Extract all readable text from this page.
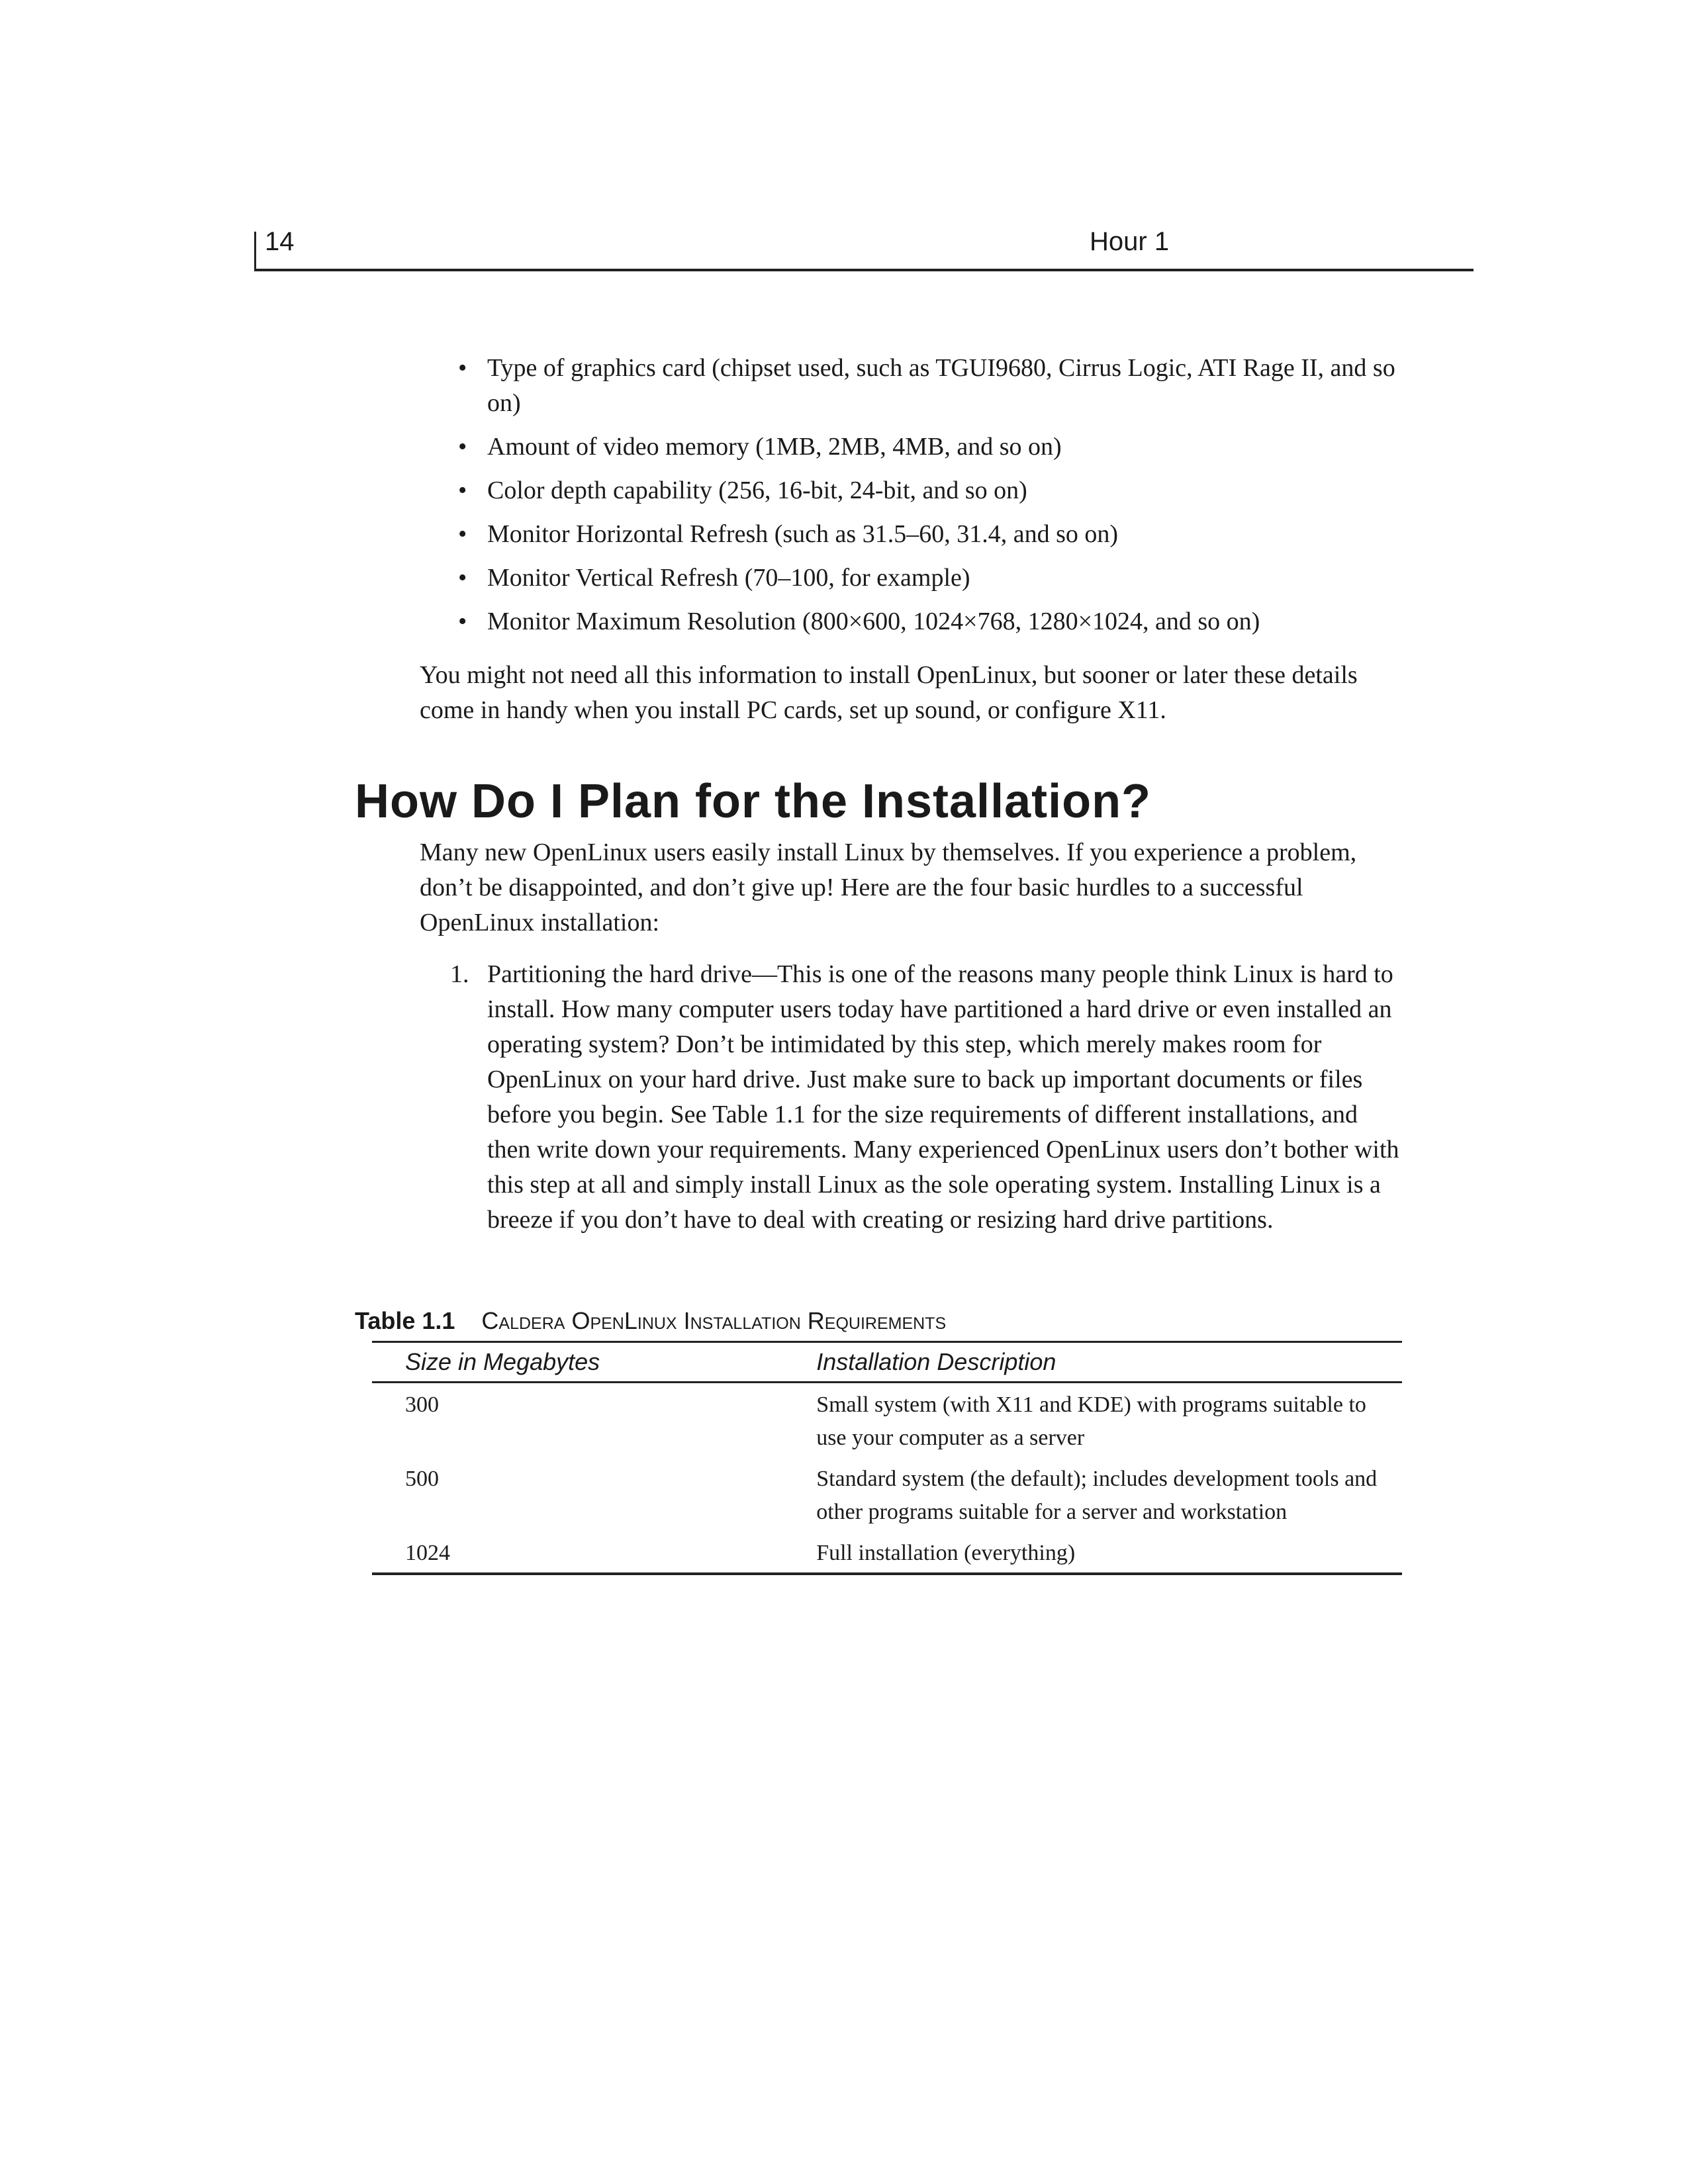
14	Hour 1
• Type of graphics card (chipset used, such as TGUI9680, Cirrus Logic, ATI Rage II, and so on)
• Amount of video memory (1MB, 2MB, 4MB, and so on)
• Color depth capability (256, 16-bit, 24-bit, and so on)
• Monitor Horizontal Refresh (such as 31.5–60, 31.4, and so on)
• Monitor Vertical Refresh (70–100, for example)
• Monitor Maximum Resolution (800×600, 1024×768, 1280×1024, and so on)

You might not need all this information to install OpenLinux, but sooner or later these details come in handy when you install PC cards, set up sound, or configure X11.

How Do I Plan for the Installation?

Many new OpenLinux users easily install Linux by themselves. If you experience a problem, don’t be disappointed, and don’t give up! Here are the four basic hurdles to a successful OpenLinux installation:

1. Partitioning the hard drive—This is one of the reasons many people think Linux is hard to install. How many computer users today have partitioned a hard drive or even installed an operating system? Don’t be intimidated by this step, which merely makes room for OpenLinux on your hard drive. Just make sure to back up important documents or files before you begin. See Table 1.1 for the size requirements of different installations, and then write down your requirements. Many experienced OpenLinux users don’t bother with this step at all and simply install Linux as the sole operating system. Installing Linux is a breeze if you don’t have to deal with creating or resizing hard drive partitions.
Table 1.1 Caldera OpenLinux Installation Requirements
Size in Megabytes	Installation Description
300	Small system (with X11 and KDE) with programs suitable to use your computer as a server
500	Standard system (the default); includes development tools and other programs suitable for a server and workstation
1024	Full installation (everything)
